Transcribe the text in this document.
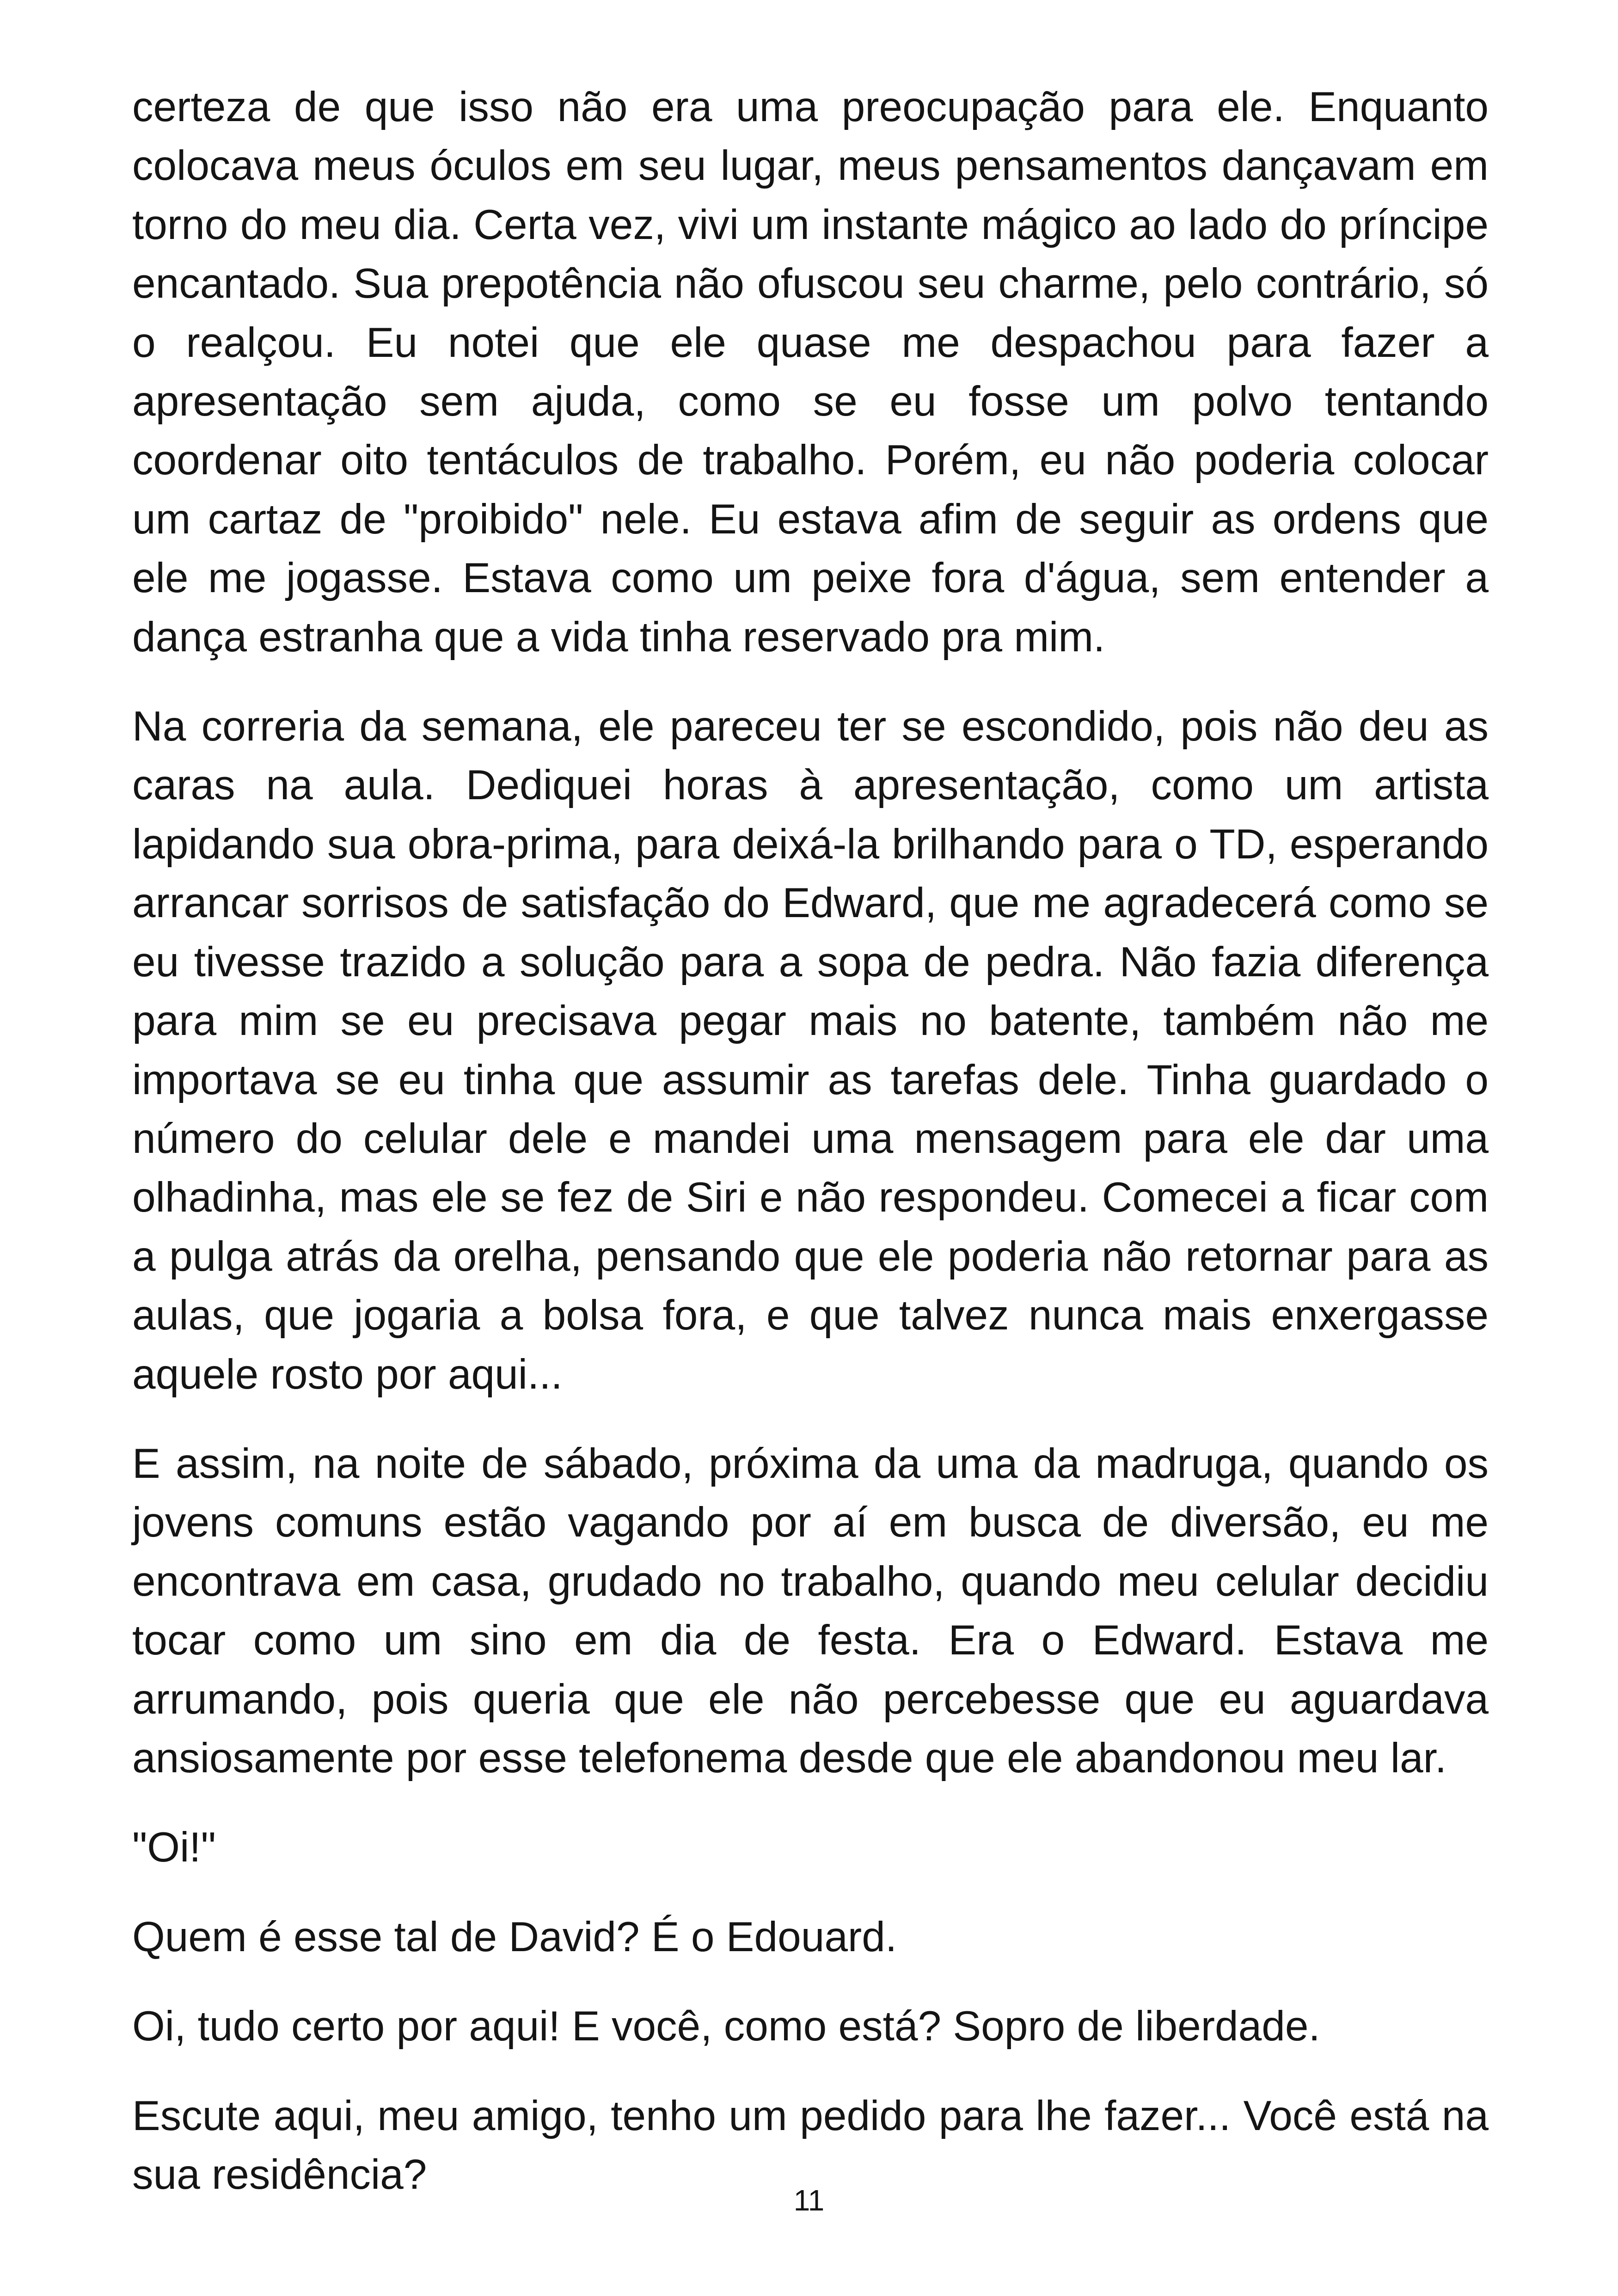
certeza de que isso não era uma preocupação para ele. Enquanto colocava meus óculos em seu lugar, meus pensamentos dançavam em torno do meu dia. Certa vez, vivi um instante mágico ao lado do príncipe encantado. Sua prepotência não ofuscou seu charme, pelo contrário, só o realçou. Eu notei que ele quase me despachou para fazer a apresentação sem ajuda, como se eu fosse um polvo tentando coordenar oito tentáculos de trabalho. Porém, eu não poderia colocar um cartaz de "proibido" nele. Eu estava afim de seguir as ordens que ele me jogasse. Estava como um peixe fora d'água, sem entender a dança estranha que a vida tinha reservado pra mim.

Na correria da semana, ele pareceu ter se escondido, pois não deu as caras na aula. Dediquei horas à apresentação, como um artista lapidando sua obra-prima, para deixá-la brilhando para o TD, esperando arrancar sorrisos de satisfação do Edward, que me agradecerá como se eu tivesse trazido a solução para a sopa de pedra. Não fazia diferença para mim se eu precisava pegar mais no batente, também não me importava se eu tinha que assumir as tarefas dele. Tinha guardado o número do celular dele e mandei uma mensagem para ele dar uma olhadinha, mas ele se fez de Siri e não respondeu. Comecei a ficar com a pulga atrás da orelha, pensando que ele poderia não retornar para as aulas, que jogaria a bolsa fora, e que talvez nunca mais enxergasse aquele rosto por aqui...

E assim, na noite de sábado, próxima da uma da madruga, quando os jovens comuns estão vagando por aí em busca de diversão, eu me encontrava em casa, grudado no trabalho, quando meu celular decidiu tocar como um sino em dia de festa. Era o Edward. Estava me arrumando, pois queria que ele não percebesse que eu aguardava ansiosamente por esse telefonema desde que ele abandonou meu lar.

"Oi!"

Quem é esse tal de David? É o Edouard.

Oi, tudo certo por aqui! E você, como está? Sopro de liberdade.

Escute aqui, meu amigo, tenho um pedido para lhe fazer... Você está na sua residência?

11
